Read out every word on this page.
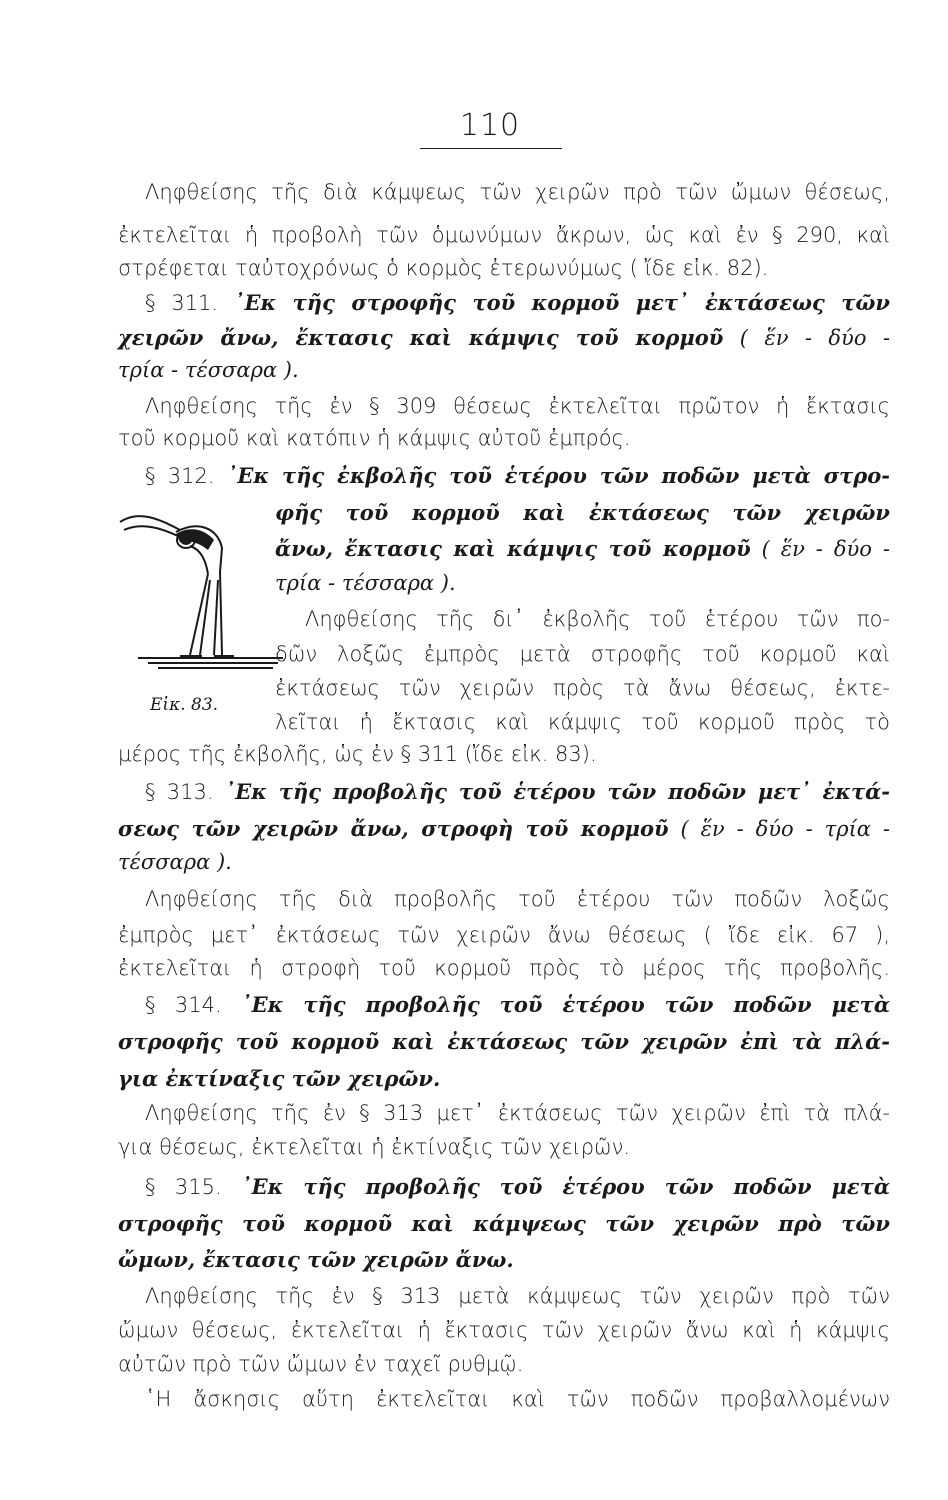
110
Εἰκ. 83.
Ληφθείσης τῆς διὰ κάμψεως τῶν χειρῶν πρὸ τῶν ὤμων θέσεως,
ἐκτελεῖται ἡ προβολὴ τῶν ὁμωνύμων ἄκρων, ὡς καὶ ἐν § 290, καὶ
στρέφεται ταὐτοχρόνως ὁ κορμὸς ἑτερωνύμως ( ἴδε εἰκ. 82).
§ 311. ᾿Εκ τῆς στροφῆς τοῦ κορμοῦ μετ᾿ ἐκτάσεως τῶν
χειρῶν ἄνω, ἔκτασις καὶ κάμψις τοῦ κορμοῦ ( ἕν - δύο -
τρία - τέσσαρα ).
Ληφθείσης τῆς ἐν § 309 θέσεως ἐκτελεῖται πρῶτον ἡ ἔκτασις
τοῦ κορμοῦ καὶ κατόπιν ἡ κάμψις αὐτοῦ ἐμπρός.
§ 312. ᾿Εκ τῆς ἐκβολῆς τοῦ ἑτέρου τῶν ποδῶν μετὰ στρο-
φῆς τοῦ κορμοῦ καὶ ἐκτάσεως τῶν χειρῶν
ἄνω, ἔκτασις καὶ κάμψις τοῦ κορμοῦ ( ἕν - δύο -
τρία - τέσσαρα ).
Ληφθείσης τῆς δι᾿ ἐκβολῆς τοῦ ἑτέρου τῶν πο-
δῶν λοξῶς ἐμπρὸς μετὰ στροφῆς τοῦ κορμοῦ καὶ
ἐκτάσεως τῶν χειρῶν πρὸς τὰ ἄνω θέσεως, ἐκτε-
λεῖται ἡ ἔκτασις καὶ κάμψις τοῦ κορμοῦ πρὸς τὸ
μέρος τῆς ἐκβολῆς, ὡς ἐν § 311 (ἴδε εἰκ. 83).
§ 313. ᾿Εκ τῆς προβολῆς τοῦ ἑτέρου τῶν ποδῶν μετ᾿ ἐκτά-
σεως τῶν χειρῶν ἄνω, στροφὴ τοῦ κορμοῦ ( ἕν - δύο - τρία -
τέσσαρα ).
Ληφθείσης τῆς διὰ προβολῆς τοῦ ἑτέρου τῶν ποδῶν λοξῶς
ἐμπρὸς μετ᾿ ἐκτάσεως τῶν χειρῶν ἄνω θέσεως ( ἴδε εἰκ. 67 ),
ἐκτελεῖται ἡ στροφὴ τοῦ κορμοῦ πρὸς τὸ μέρος τῆς προβολῆς.
§ 314. ᾿Εκ τῆς προβολῆς τοῦ ἑτέρου τῶν ποδῶν μετὰ
στροφῆς τοῦ κορμοῦ καὶ ἐκτάσεως τῶν χειρῶν ἐπὶ τὰ πλά-
για ἐκτίναξις τῶν χειρῶν.
Ληφθείσης τῆς ἐν § 313 μετ᾿ ἐκτάσεως τῶν χειρῶν ἐπὶ τὰ πλά-
για θέσεως, ἐκτελεῖται ἡ ἐκτίναξις τῶν χειρῶν.
§ 315. ᾿Εκ τῆς προβολῆς τοῦ ἑτέρου τῶν ποδῶν μετὰ
στροφῆς τοῦ κορμοῦ καὶ κάμψεως τῶν χειρῶν πρὸ τῶν
ὤμων, ἔκτασις τῶν χειρῶν ἄνω.
Ληφθείσης τῆς ἐν § 313 μετὰ κάμψεως τῶν χειρῶν πρὸ τῶν
ὤμων θέσεως, ἐκτελεῖται ἡ ἔκτασις τῶν χειρῶν ἄνω καὶ ἡ κάμψις
αὐτῶν πρὸ τῶν ὤμων ἐν ταχεῖ ρυθμῷ.
῾Η ἄσκησις αὕτη ἐκτελεῖται καὶ τῶν ποδῶν προβαλλομένων
